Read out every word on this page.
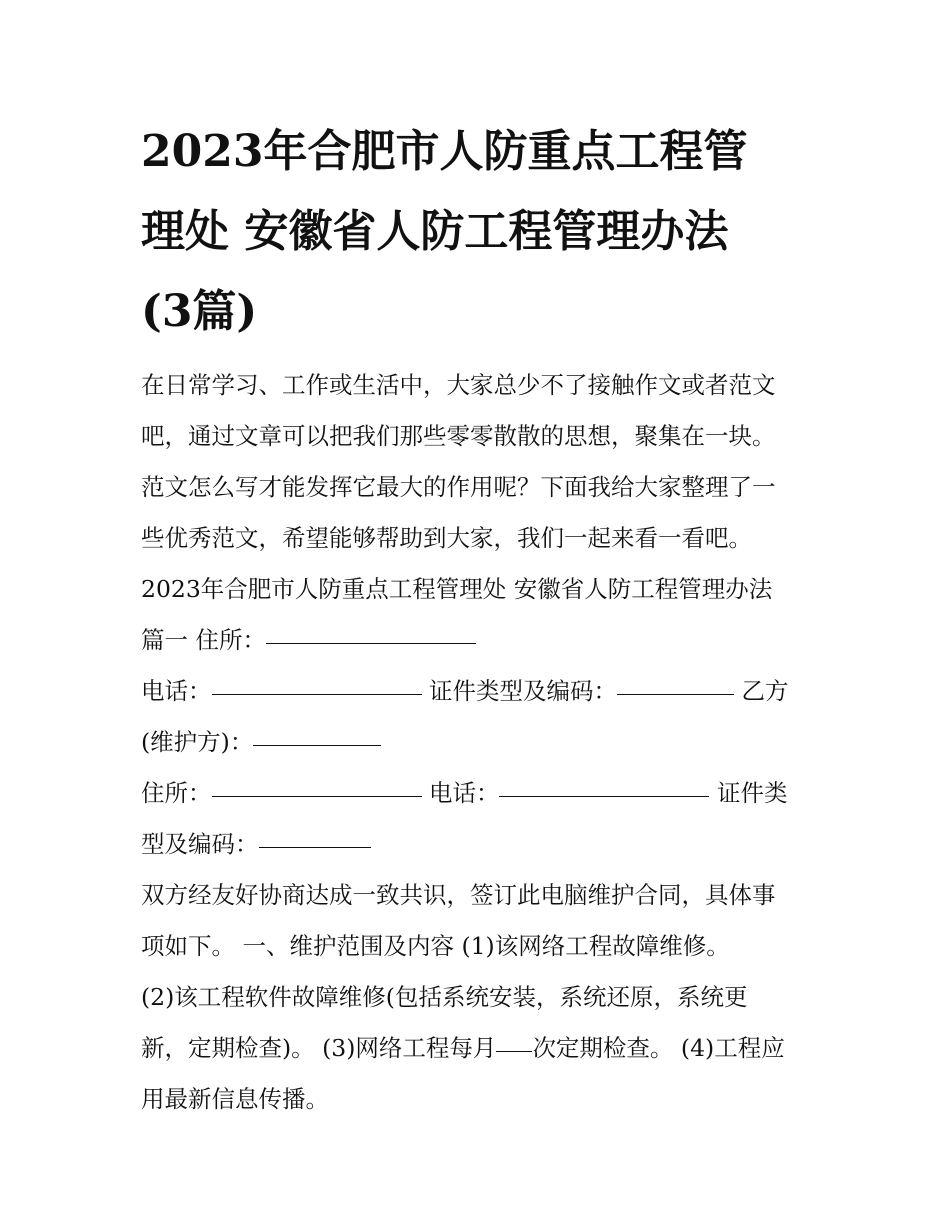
2023年合肥市人防重点工程管
理处 安徽省人防工程管理办法
(3篇)

在日常学习、工作或生活中，大家总少不了接触作文或者范文
吧，通过文章可以把我们那些零零散散的思想，聚集在一块。
范文怎么写才能发挥它最大的作用呢？下面我给大家整理了一
些优秀范文，希望能够帮助到大家，我们一起来看一看吧。

2023年合肥市人防重点工程管理处 安徽省人防工程管理办法

篇一 住所：
电话：	证件类型及编码：	乙方
(维护方)：
住所：	电话：	证件类
型及编码：

双方经友好协商达成一致共识，签订此电脑维护合同，具体事
项如下。 一、维护范围及内容 (1)该网络工程故障维修。
(2)该工程软件故障维修(包括系统安装，系统还原，系统更
新，定期检查)。 (3)网络工程每月 次定期检查。 (4)工程应
用最新信息传播。
